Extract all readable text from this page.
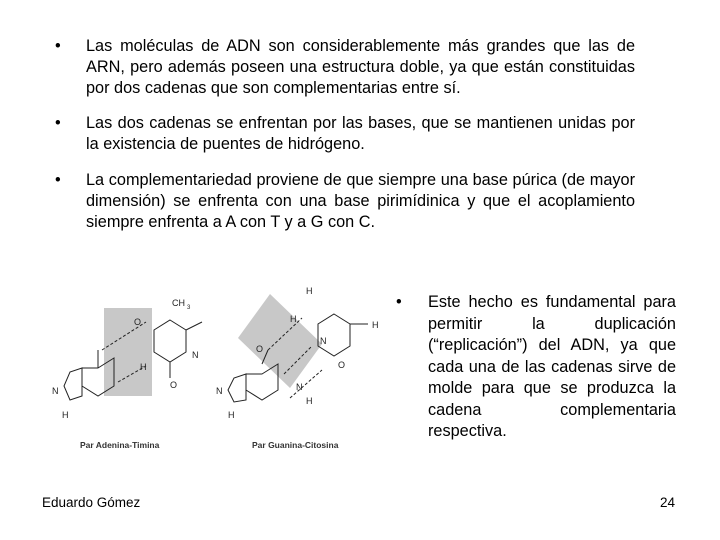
• Las moléculas de ADN son considerablemente más grandes que las de ARN, pero además poseen una estructura doble, ya que están constituidas por dos cadenas que son complementarias entre sí.
• Las dos cadenas se enfrentan por las bases, que se mantienen unidas por la existencia de puentes de hidrógeno.
• La complementariedad proviene de que siempre una base púrica (de mayor dimensión) se enfrenta con una base pirimídinica y que el acoplamiento siempre enfrenta a A con T y a G con C.
CH 3
O
N
H
O
N
H
H
H
O
N
H
O
N
H
N
H
Par Adenina-Timina	Par Guanina-Citosina
• Este hecho es fundamental para permitir la duplicación (“replicación”) del ADN, ya que cada una de las cadenas sirve de molde para que se produzca la cadena complementaria respectiva.
Eduardo Gómez	24
